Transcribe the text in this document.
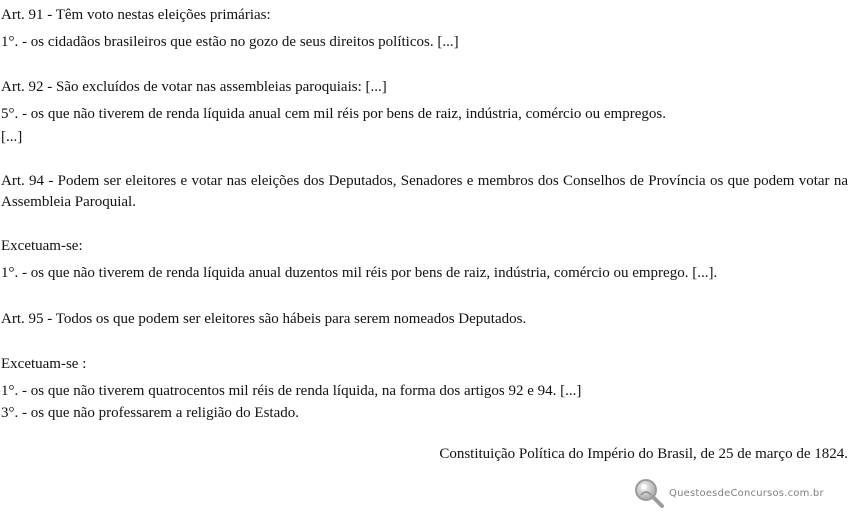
Art. 91 - Têm voto nestas eleições primárias:
1°. - os cidadãos brasileiros que estão no gozo de seus direitos políticos. [...]
Art. 92 - São excluídos de votar nas assembleias paroquiais: [...]
5°. - os que não tiverem de renda líquida anual cem mil réis por bens de raiz, indústria, comércio ou empregos.
[...]
Art. 94 - Podem ser eleitores e votar nas eleições dos Deputados, Senadores e membros dos Conselhos de Província os que podem votar na Assembleia Paroquial.
Excetuam-se:
1°. - os que não tiverem de renda líquida anual duzentos mil réis por bens de raiz, indústria, comércio ou emprego. [...].
Art. 95 - Todos os que podem ser eleitores são hábeis para serem nomeados Deputados.
Excetuam-se :
1°. - os que não tiverem quatrocentos mil réis de renda líquida, na forma dos artigos 92 e 94. [...]
3°. - os que não professarem a religião do Estado.
Constituição Política do Império do Brasil, de 25 de março de 1824.
QuestoesdeConcursos.com.br
